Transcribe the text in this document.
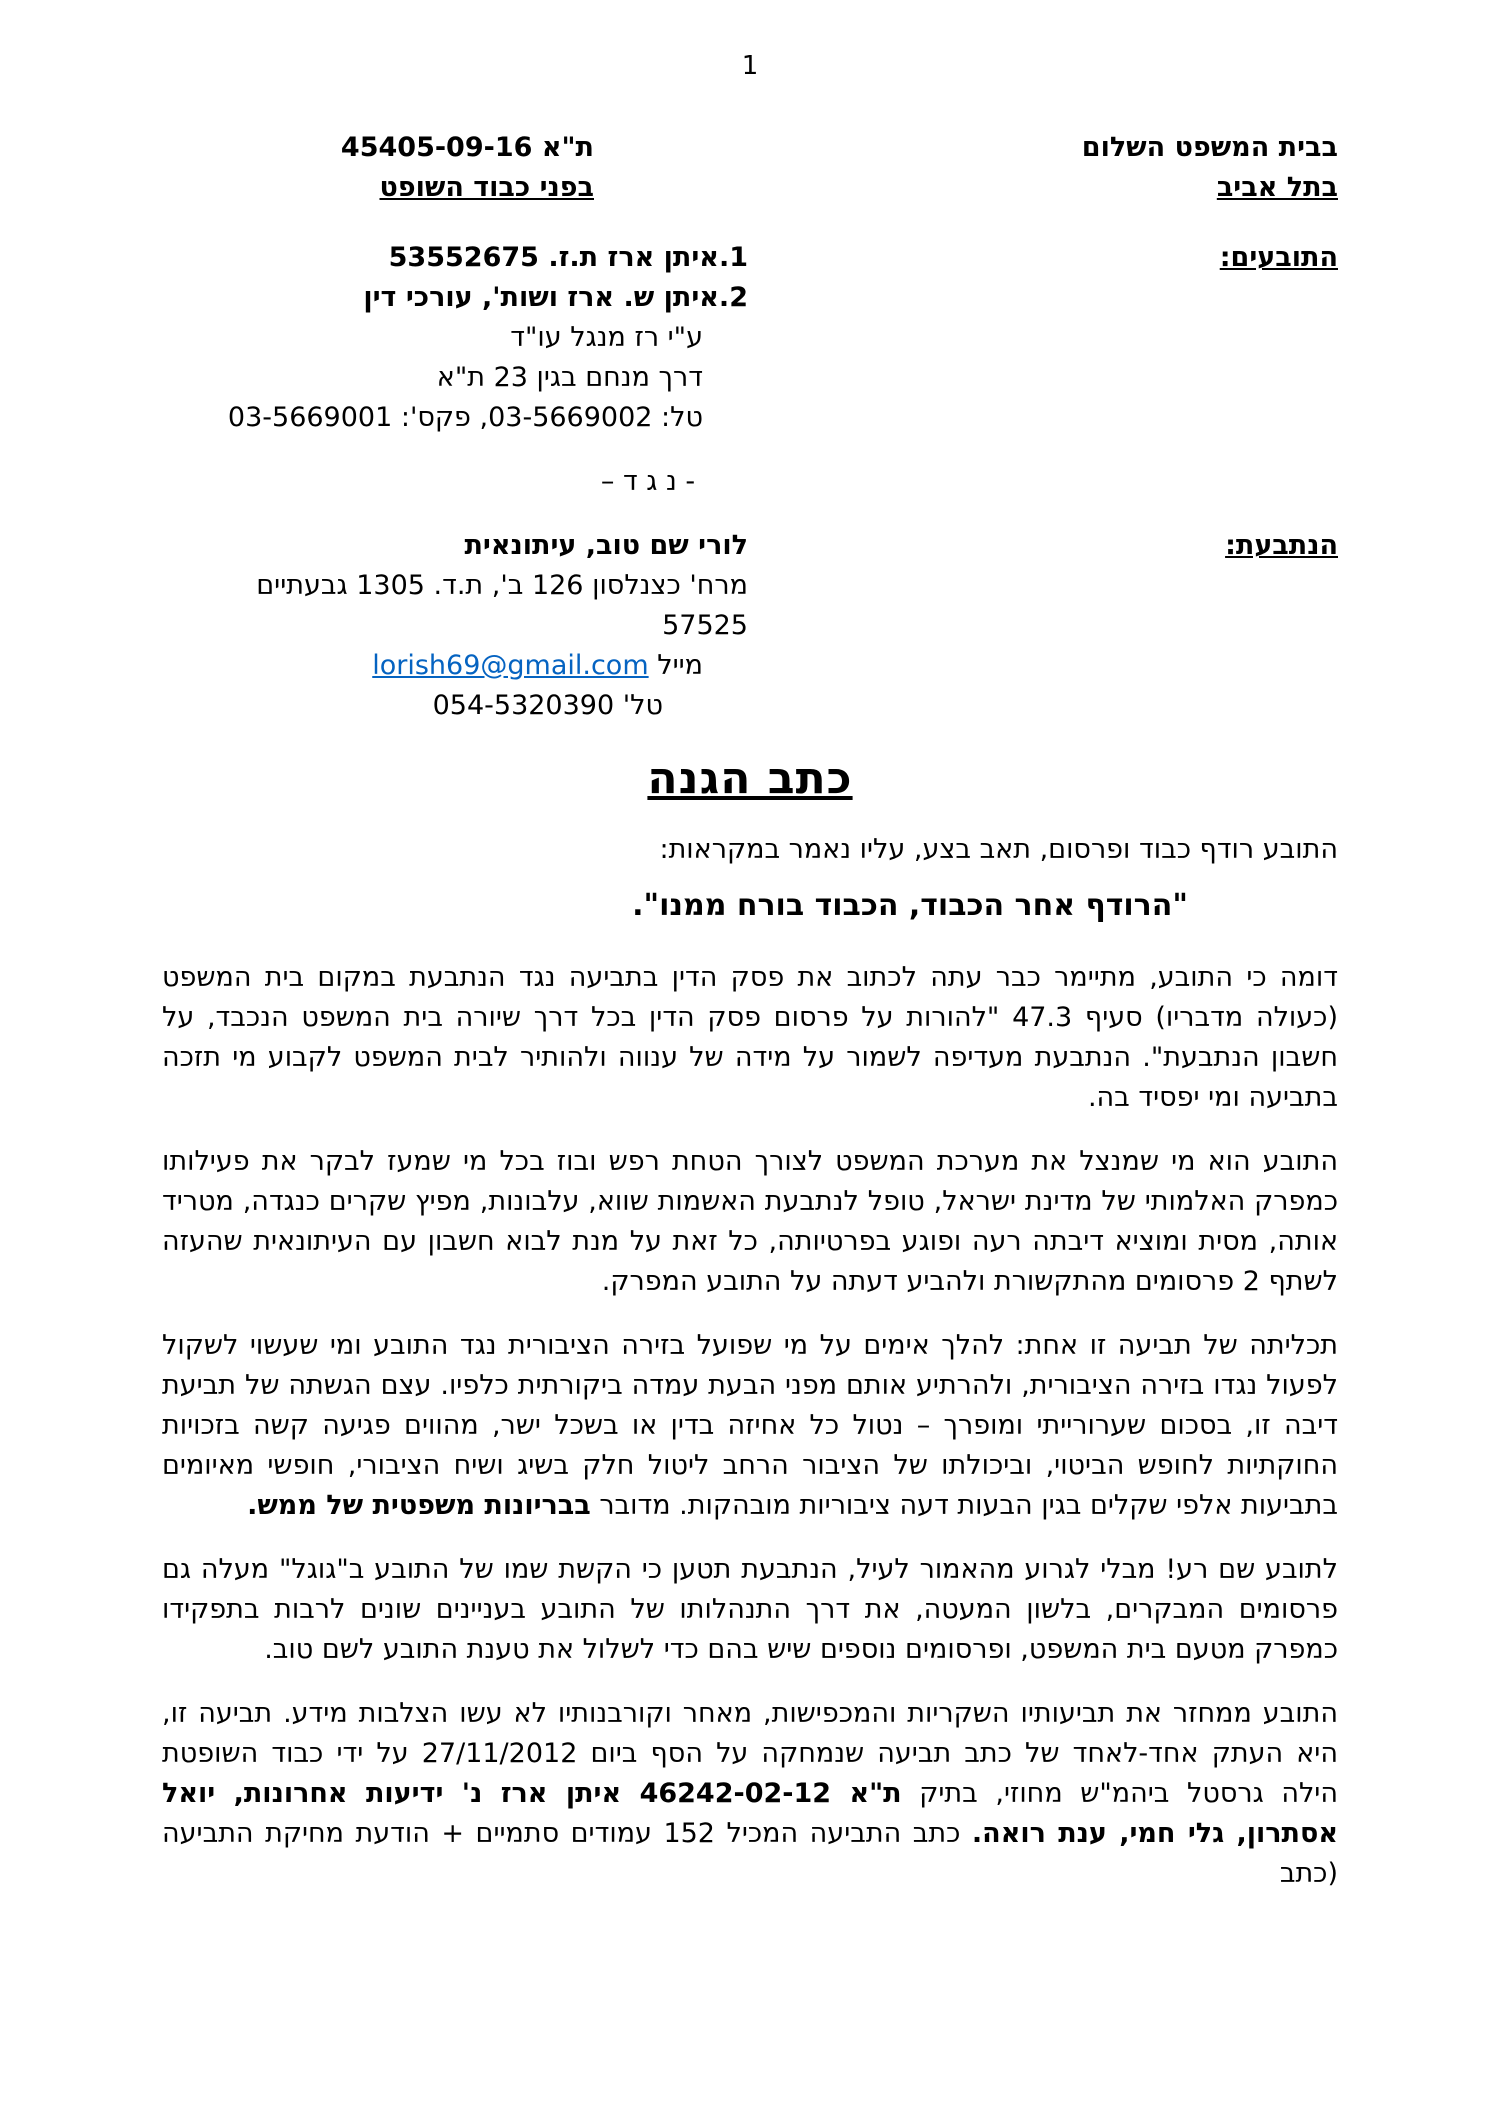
1
בבית המשפט השלום
בתל אביב
ת"א 45405-09-16
בפני כבוד השופט
התובעים:
1.איתן ארז ת.ז. 53552675
2.איתן ש. ארז ושות', עורכי דין
ע"י רז מנגל עו"ד
דרך מנחם בגין 23 ת"א
טל: 03-5669002, פקס': 03-5669001
- נ ג ד –
הנתבעת:
לורי שם טוב, עיתונאית
מרח' כצנלסון 126 ב', ת.ד. 1305 גבעתיים 57525
מייל lorish69@gmail.com
טל' 054-5320390
כתב הגנה
התובע רודף כבוד ופרסום, תאב בצע, עליו נאמר במקראות:
"הרודף אחר הכבוד, הכבוד בורח ממנו".

דומה כי התובע, מתיימר כבר עתה לכתוב את פסק הדין בתביעה נגד הנתבעת במקום בית המשפט (כעולה מדבריו) סעיף 47.3 "להורות על פרסום פסק הדין בכל דרך שיורה בית המשפט הנכבד, על חשבון הנתבעת". הנתבעת מעדיפה לשמור על מידה של ענווה ולהותיר לבית המשפט לקבוע מי תזכה בתביעה ומי יפסיד בה.

התובע הוא מי שמנצל את מערכת המשפט לצורך הטחת רפש ובוז בכל מי שמעז לבקר את פעילותו כמפרק האלמותי של מדינת ישראל, טופל לנתבעת האשמות שווא, עלבונות, מפיץ שקרים כנגדה, מטריד אותה, מסית ומוציא דיבתה רעה ופוגע בפרטיותה, כל זאת על מנת לבוא חשבון עם העיתונאית שהעזה לשתף 2 פרסומים מהתקשורת ולהביע דעתה על התובע המפרק.

תכליתה של תביעה זו אחת: להלך אימים על מי שפועל בזירה הציבורית נגד התובע ומי שעשוי לשקול לפעול נגדו בזירה הציבורית, ולהרתיע אותם מפני הבעת עמדה ביקורתית כלפיו. עצם הגשתה של תביעת דיבה זו, בסכום שערורייתי ומופרך – נטול כל אחיזה בדין או בשכל ישר, מהווים פגיעה קשה בזכויות החוקתיות לחופש הביטוי, וביכולתו של הציבור הרחב ליטול חלק בשיג ושיח הציבורי, חופשי מאיומים בתביעות אלפי שקלים בגין הבעות דעה ציבוריות מובהקות. מדובר בבריונות משפטית של ממש.

לתובע שם רע! מבלי לגרוע מהאמור לעיל, הנתבעת תטען כי הקשת שמו של התובע ב"גוגל" מעלה גם פרסומים המבקרים, בלשון המעטה, את דרך התנהלותו של התובע בעניינים שונים לרבות בתפקידו כמפרק מטעם בית המשפט, ופרסומים נוספים שיש בהם כדי לשלול את טענת התובע לשם טוב.

התובע ממחזר את תביעותיו השקריות והמכפישות, מאחר וקורבנותיו לא עשו הצלבות מידע. תביעה זו, היא העתק אחד-לאחד של כתב תביעה שנמחקה על הסף ביום 27/11/2012 על ידי כבוד השופטת הילה גרסטל ביהמ"ש מחוזי, בתיק ת"א 46242-02-12 איתן ארז נ' ידיעות אחרונות, יואל אסתרון, גלי חמי, ענת רואה. כתב התביעה המכיל 152 עמודים סתמיים + הודעת מחיקת התביעה (כתב
